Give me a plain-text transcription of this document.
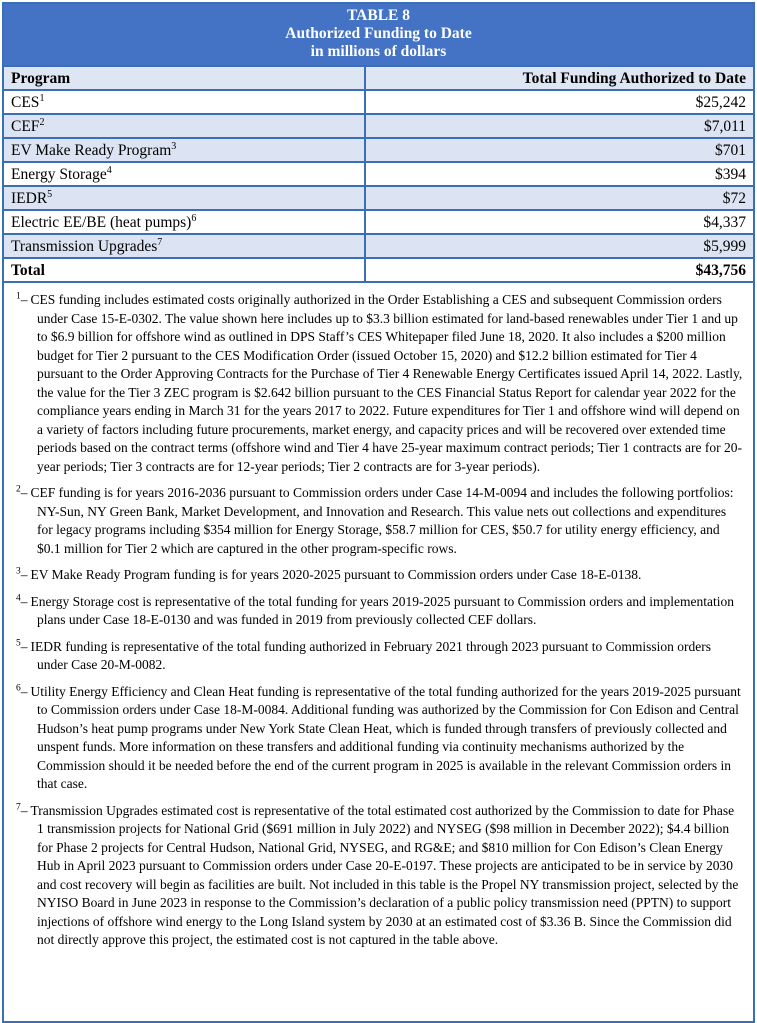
TABLE 8
Authorized Funding to Date
in millions of dollars
Program	Total Funding Authorized to Date
CES$^1$	$25,242
CEF$^2$	$7,011
EV Make Ready Program$^3$	$701
Energy Storage$^4$	$394
IEDR$^5$	$72
Electric EE/BE (heat pumps)$^6$	$4,337
Transmission Upgrades$^7$	$5,999
Total	$43,756

$^1$– CES funding includes estimated costs originally authorized in the Order Establishing a CES and subsequent Commission orders under Case 15-E-0302. The value shown here includes up to $3.3 billion estimated for land-based renewables under Tier 1 and up to $6.9 billion for offshore wind as outlined in DPS Staff’s CES Whitepaper filed June 18, 2020. It also includes a $200 million budget for Tier 2 pursuant to the CES Modification Order (issued October 15, 2020) and $12.2 billion estimated for Tier 4 pursuant to the Order Approving Contracts for the Purchase of Tier 4 Renewable Energy Certificates issued April 14, 2022. Lastly, the value for the Tier 3 ZEC program is $2.642 billion pursuant to the CES Financial Status Report for calendar year 2022 for the compliance years ending in March 31 for the years 2017 to 2022. Future expenditures for Tier 1 and offshore wind will depend on a variety of factors including future procurements, market energy, and capacity prices and will be recovered over extended time periods based on the contract terms (offshore wind and Tier 4 have 25-year maximum contract periods; Tier 1 contracts are for 20-year periods; Tier 3 contracts are for 12-year periods; Tier 2 contracts are for 3-year periods).

$^2$– CEF funding is for years 2016-2036 pursuant to Commission orders under Case 14-M-0094 and includes the following portfolios: NY-Sun, NY Green Bank, Market Development, and Innovation and Research. This value nets out collections and expenditures for legacy programs including $354 million for Energy Storage, $58.7 million for CES, $50.7 for utility energy efficiency, and $0.1 million for Tier 2 which are captured in the other program-specific rows.

$^3$– EV Make Ready Program funding is for years 2020-2025 pursuant to Commission orders under Case 18-E-0138.

$^4$– Energy Storage cost is representative of the total funding for years 2019-2025 pursuant to Commission orders and implementation plans under Case 18-E-0130 and was funded in 2019 from previously collected CEF dollars.

$^5$– IEDR funding is representative of the total funding authorized in February 2021 through 2023 pursuant to Commission orders under Case 20-M-0082.

$^6$– Utility Energy Efficiency and Clean Heat funding is representative of the total funding authorized for the years 2019-2025 pursuant to Commission orders under Case 18-M-0084. Additional funding was authorized by the Commission for Con Edison and Central Hudson’s heat pump programs under New York State Clean Heat, which is funded through transfers of previously collected and unspent funds. More information on these transfers and additional funding via continuity mechanisms authorized by the Commission should it be needed before the end of the current program in 2025 is available in the relevant Commission orders in that case.

$^7$– Transmission Upgrades estimated cost is representative of the total estimated cost authorized by the Commission to date for Phase 1 transmission projects for National Grid ($691 million in July 2022) and NYSEG ($98 million in December 2022); $4.4 billion for Phase 2 projects for Central Hudson, National Grid, NYSEG, and RG&E; and $810 million for Con Edison’s Clean Energy Hub in April 2023 pursuant to Commission orders under Case 20-E-0197. These projects are anticipated to be in service by 2030 and cost recovery will begin as facilities are built. Not included in this table is the Propel NY transmission project, selected by the NYISO Board in June 2023 in response to the Commission’s declaration of a public policy transmission need (PPTN) to support injections of offshore wind energy to the Long Island system by 2030 at an estimated cost of $3.36 B. Since the Commission did not directly approve this project, the estimated cost is not captured in the table above.
